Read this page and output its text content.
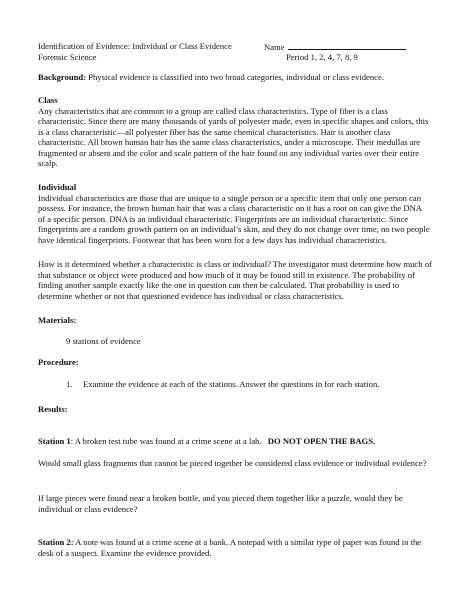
Identification of Evidence: Individual or Class Evidence	Name
Forensic Science	Period 1, 2, 4, 7, 8, 9
Background: Physical evidence is classified into two broad categories, individual or class evidence.
Class

Any characteristics that are common to a group are called class characteristics. Type of fiber is a class

characteristic. Since there are many thousands of yards of polyester made, even in specific shapes and colors, this

is a class characteristic—all polyester fiber has the same chemical characteristics. Hair is another class

characteristic. All brown human hair has the same class characteristics, under a microscope. Their medullas are

fragmented or absent and the color and scale pattern of the hair found on any individual varies over their entire

scalp.

Individual

Individual characteristics are those that are unique to a single person or a specific item that only one person can

possess. For instance, the brown human hair that was a class characteristic on it has a root on can give the DNA

of a specific person. DNA is an individual characteristic. Fingerprints are an individual characteristic. Since

fingerprints are a random growth pattern on an individual’s skin, and they do not change over time, no two people

have identical fingerprints. Footwear that has been worn for a few days has individual characteristics.

How is it determined whether a characteristic is class or individual? The investigator must determine how much of

that substance or object were produced and how much of it may be found still in existence. The probability of

finding another sample exactly like the one in question can then be calculated. That probability is used to

determine whether or not that questioned evidence has individual or class characteristics.

Materials:
9 stations of evidence
Procedure:
1. Examine the evidence at each of the stations. Answer the questions in for each station.
Results:
Station 1: A broken test tube was found at a crime scene at a lab. DO NOT OPEN THE BAGS.
Would small glass fragments that cannot be pieced together be considered class evidence or individual evidence?
If large pieces were found near a broken bottle, and you pieced them together like a puzzle, would they be
individual or class evidence?
Station 2: A note was found at a crime scene at a bank. A notepad with a similar type of paper was found in the
desk of a suspect. Examine the evidence provided.
